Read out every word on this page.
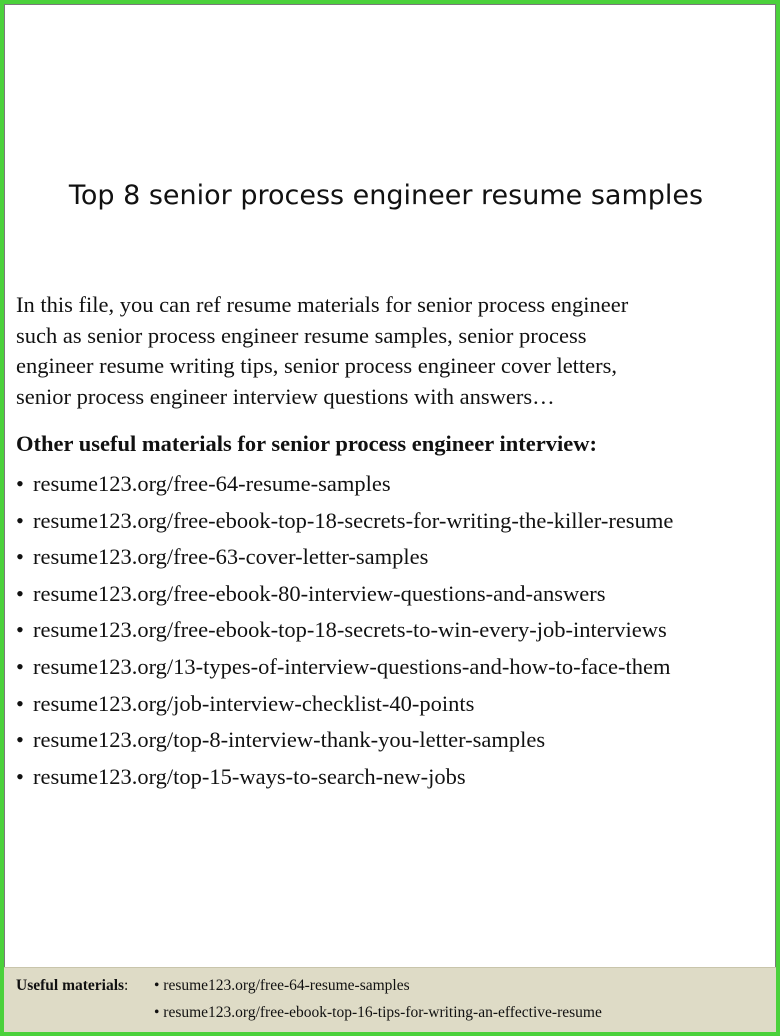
Top 8 senior process engineer resume samples
In this file, you can ref resume materials for senior process engineer
such as senior process engineer resume samples, senior process
engineer resume writing tips, senior process engineer cover letters,
senior process engineer interview questions with answers…
Other useful materials for senior process engineer interview:
• resume123.org/free-64-resume-samples
• resume123.org/free-ebook-top-18-secrets-for-writing-the-killer-resume
• resume123.org/free-63-cover-letter-samples
• resume123.org/free-ebook-80-interview-questions-and-answers
• resume123.org/free-ebook-top-18-secrets-to-win-every-job-interviews
• resume123.org/13-types-of-interview-questions-and-how-to-face-them
• resume123.org/job-interview-checklist-40-points
• resume123.org/top-8-interview-thank-you-letter-samples
• resume123.org/top-15-ways-to-search-new-jobs
Useful materials: • resume123.org/free-64-resume-samples
• resume123.org/free-ebook-top-16-tips-for-writing-an-effective-resume
